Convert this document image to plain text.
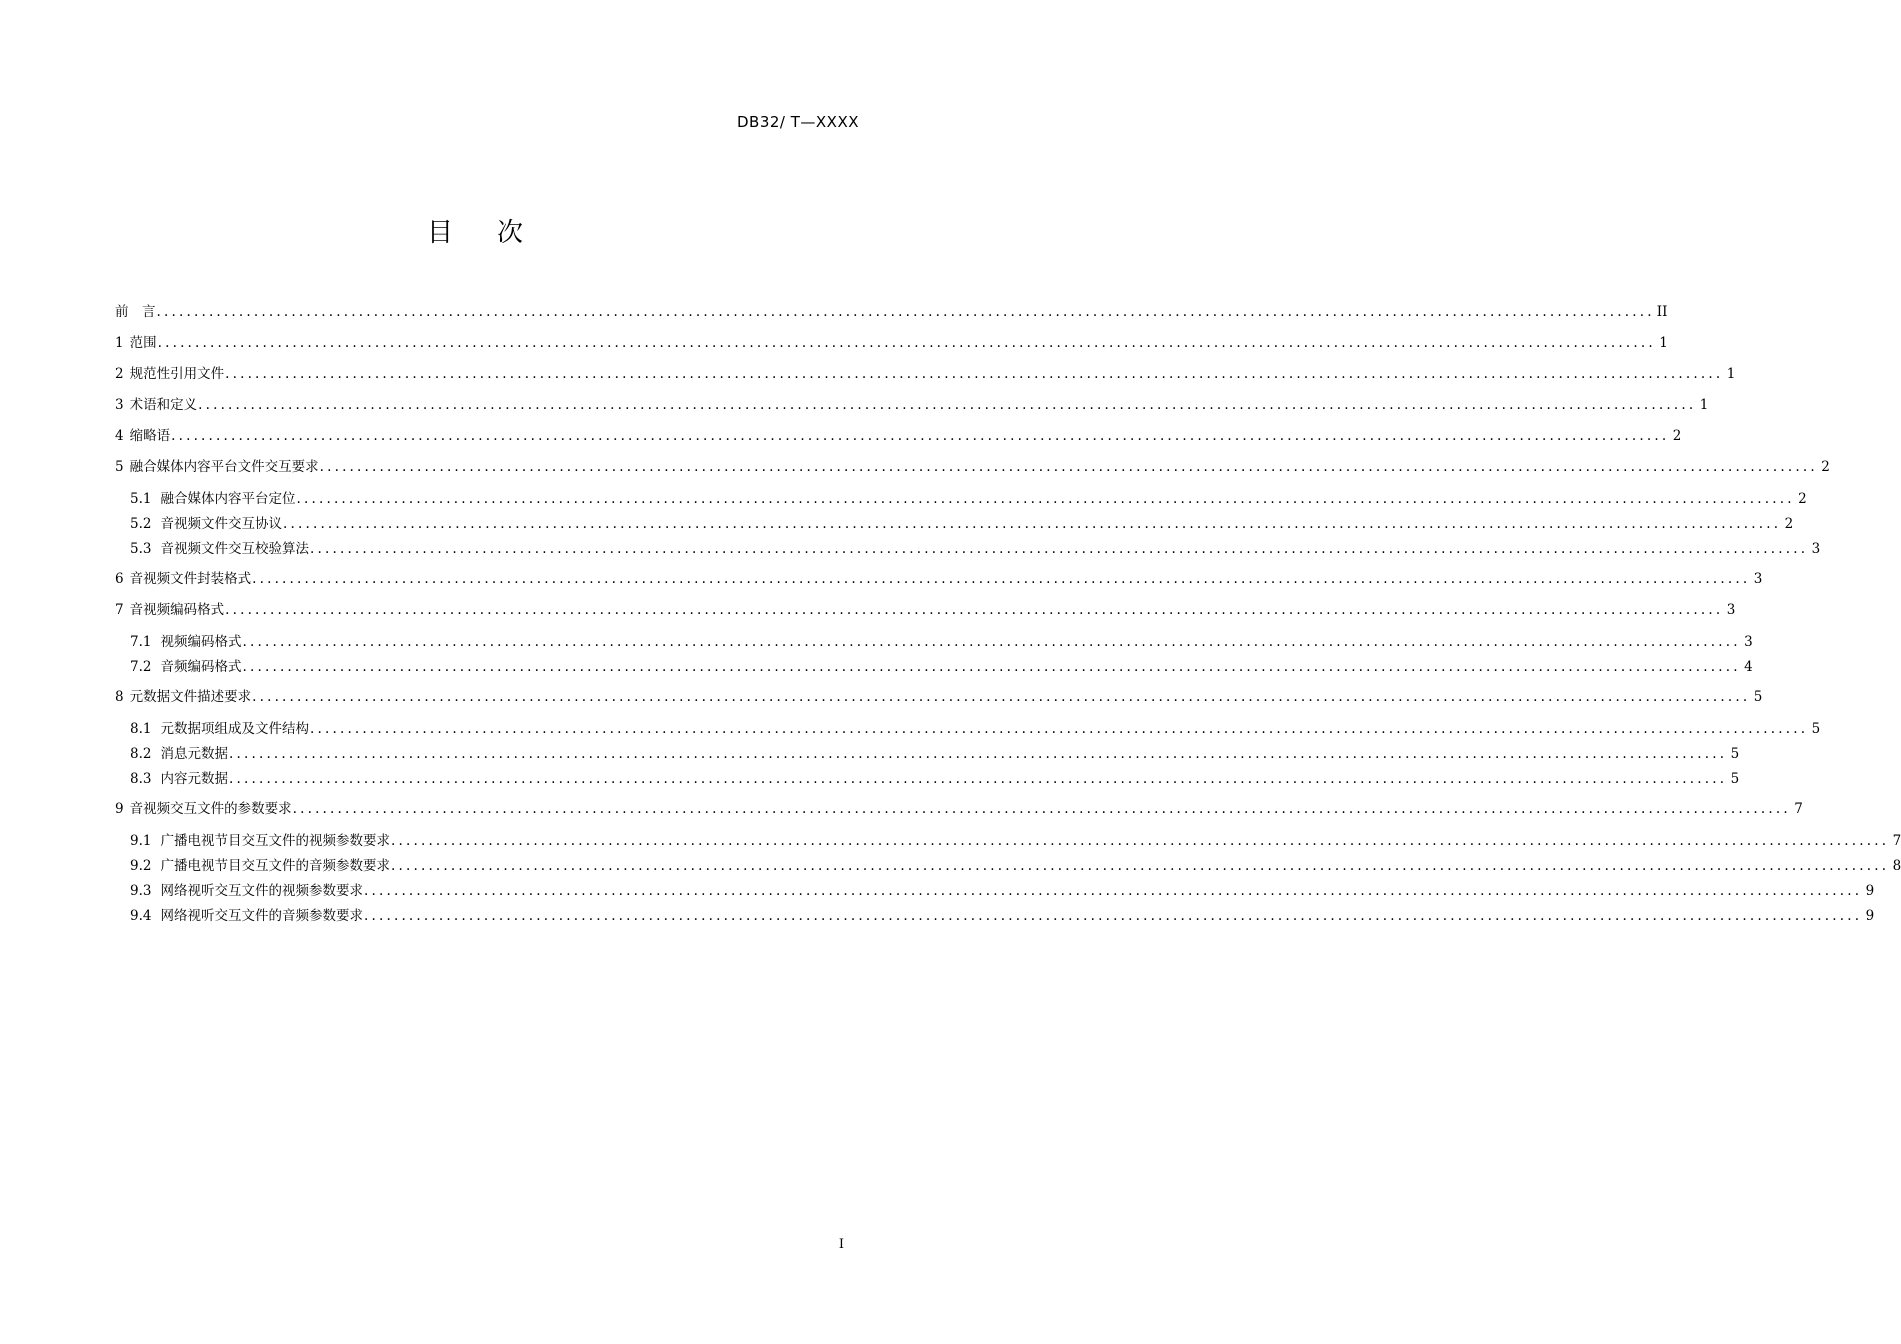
DB32/ T—XXXX
目 次
前　言 ........................................................................................................................................................................................................ II
1 范围 ........................................................................................................................................................................................................ 1
2 规范性引用文件 ........................................................................................................................................................................................................ 1
3 术语和定义 ........................................................................................................................................................................................................ 1
4 缩略语 ........................................................................................................................................................................................................ 2
5 融合媒体内容平台文件交互要求 ........................................................................................................................................................................................................ 2
5.1 融合媒体内容平台定位 ........................................................................................................................................................................................................ 2
5.2 音视频文件交互协议 ........................................................................................................................................................................................................ 2
5.3 音视频文件交互校验算法 ........................................................................................................................................................................................................ 3
6 音视频文件封装格式 ........................................................................................................................................................................................................ 3
7 音视频编码格式 ........................................................................................................................................................................................................ 3
7.1 视频编码格式 ........................................................................................................................................................................................................ 3
7.2 音频编码格式 ........................................................................................................................................................................................................ 4
8 元数据文件描述要求 ........................................................................................................................................................................................................ 5
8.1 元数据项组成及文件结构 ........................................................................................................................................................................................................ 5
8.2 消息元数据 ........................................................................................................................................................................................................ 5
8.3 内容元数据 ........................................................................................................................................................................................................ 5
9 音视频交互文件的参数要求 ........................................................................................................................................................................................................ 7
9.1 广播电视节目交互文件的视频参数要求 ........................................................................................................................................................................................................ 7
9.2 广播电视节目交互文件的音频参数要求 ........................................................................................................................................................................................................ 8
9.3 网络视听交互文件的视频参数要求 ........................................................................................................................................................................................................ 9
9.4 网络视听交互文件的音频参数要求 ........................................................................................................................................................................................................ 9
I
